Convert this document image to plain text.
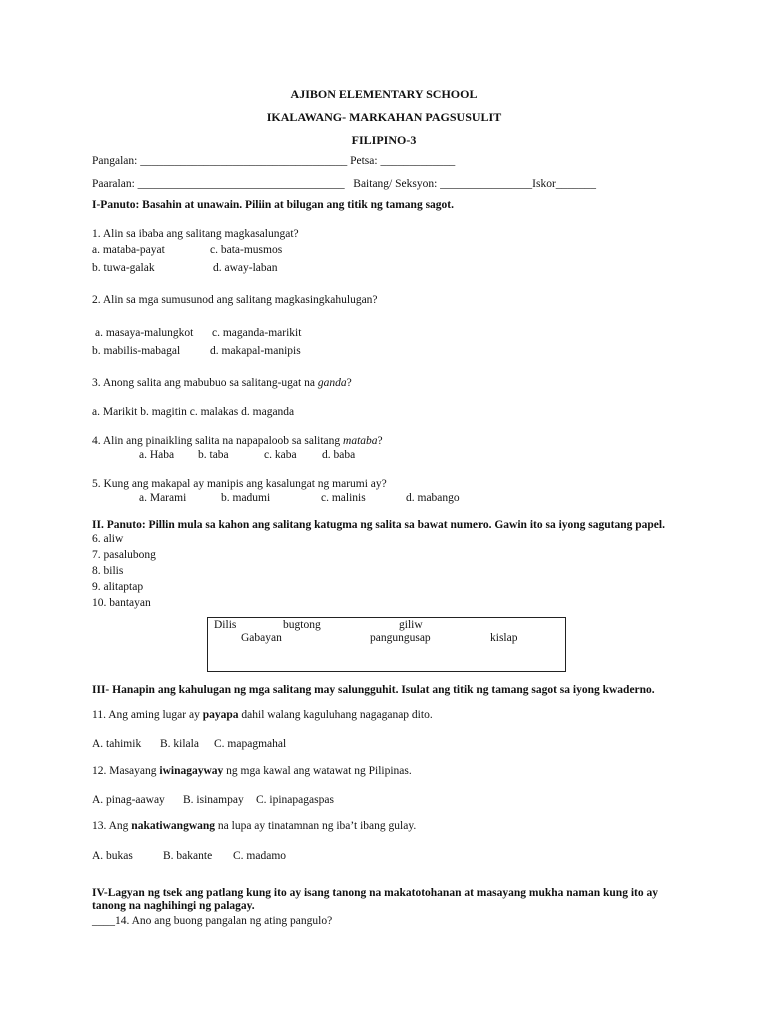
AJIBON ELEMENTARY SCHOOL
IKALAWANG- MARKAHAN PAGSUSULIT
FILIPINO-3
Pangalan: ____________________________________ Petsa: _____________
Paaralan: ____________________________________   Baitang/ Seksyon: ________________Iskor_______
I-Panuto: Basahin at unawain. Piliin at bilugan ang titik ng tamang sagot.
1. Alin sa ibaba ang salitang magkasalungat?
a. mataba-payat	c. bata-musmos
b. tuwa-galak	d. away-laban
2. Alin sa mga sumusunod ang salitang magkasingkahulugan?
a. masaya-malungkot c. maganda-marikit
b. mabilis-mabagal	d. makapal-manipis
3. Anong salita ang mabubuo sa salitang-ugat na ganda?
a. Marikit b. magitin c. malakas d. maganda
4. Alin ang pinaikling salita na napapaloob sa salitang mataba?
a. Haba b. taba	c. kaba d. baba
5. Kung ang makapal ay manipis ang kasalungat ng marumi ay?
a. Marami	b. madumi	c. malinis	d. mabango
II. Panuto: Pillin mula sa kahon ang salitang katugma ng salita sa bawat numero. Gawin ito sa iyong sagutang papel.
6. aliw
7. pasalubong
8. bilis
9. alitaptap
10. bantayan
Dilis	bugtong	giliw
Gabayan	pangungusap	kislap
III- Hanapin ang kahulugan ng mga salitang may salungguhit. Isulat ang titik ng tamang sagot sa iyong kwaderno.
11. Ang aming lugar ay payapa dahil walang kaguluhang nagaganap dito.
A. tahimik B. kilala C. mapagmahal
12. Masayang iwinagayway ng mga kawal ang watawat ng Pilipinas.
A. pinag-aaway B. isinampay C. ipinapagaspas
13. Ang nakatiwangwang na lupa ay tinatamnan ng iba’t ibang gulay.
A. bukas	B. bakante C. madamo
IV-Lagyan ng tsek ang patlang kung ito ay isang tanong na makatotohanan at masayang mukha naman kung ito ay
tanong na naghihingi ng palagay.
____14. Ano ang buong pangalan ng ating pangulo?
